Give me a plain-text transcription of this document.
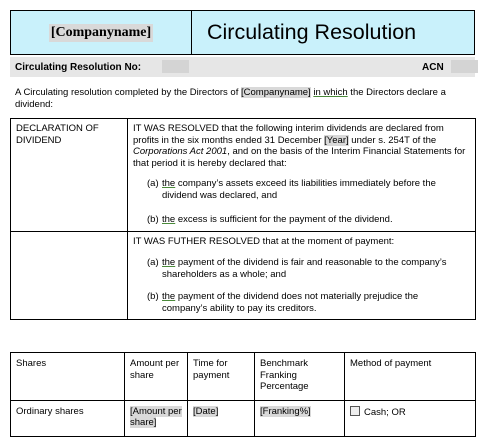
[Companyname]	Circulating Resolution
Circulating Resolution No:	ACN
A Circulating resolution completed by the Directors of [Companyname] in which the Directors declare a dividend:
DECLARATION OF DIVIDEND	IT WAS RESOLVED that the following interim dividends are declared from profits in the six months ended 31 December [Year] under s. 254T of the Corporations Act 2001, and on the basis of the Interim Financial Statements for that period it is hereby declared that:

(a) the company’s assets exceed its liabilities immediately before the dividend was declared, and
(b) the excess is sufficient for the payment of the dividend.

	IT WAS FUTHER RESOLVED that at the moment of payment:

(a) the payment of the dividend is fair and reasonable to the company’s shareholders as a whole; and
(b) the payment of the dividend does not materially prejudice the company’s ability to pay its creditors.
Shares	Amount per share	Time for payment	Benchmark Franking Percentage	Method of payment
Ordinary shares	[Amount per share]	[Date]	[Franking%]	Cash; OR
